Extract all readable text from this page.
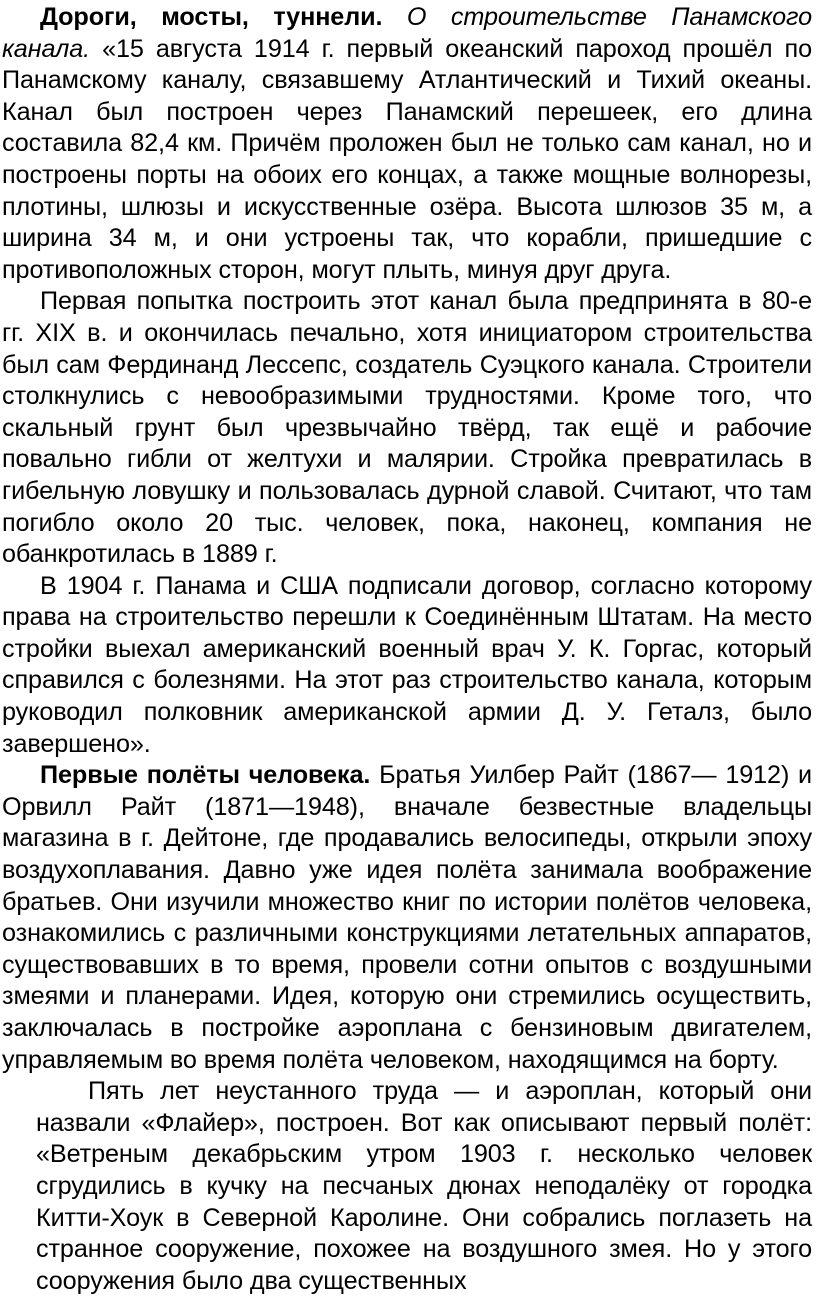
Дороги, мосты, туннели. О строительстве Панамского канала. «15 августа 1914 г. первый океанский пароход прошёл по Панамскому каналу, связавшему Атлантический и Тихий океаны. Канал был построен через Панамский перешеек, его длина составила 82,4 км. Причём проложен был не только сам канал, но и построены порты на обоих его концах, а также мощные волнорезы, плотины, шлюзы и искусственные озёра. Высота шлюзов 35 м, а ширина 34 м, и они устроены так, что корабли, пришедшие с противоположных сторон, могут плыть, минуя друг друга.

Первая попытка построить этот канал была предпринята в 80-е гг. XIX в. и окончилась печально, хотя инициатором строительства был сам Фердинанд Лессепс, создатель Суэцкого канала. Строители столкнулись с невообразимыми трудностями. Кроме того, что скальный грунт был чрезвычайно твёрд, так ещё и рабочие повально гибли от желтухи и малярии. Стройка превратилась в гибельную ловушку и пользовалась дурной славой. Считают, что там погибло около 20 тыс. человек, пока, наконец, компания не обанкротилась в 1889 г.

В 1904 г. Панама и США подписали договор, согласно которому права на строительство перешли к Соединённым Штатам. На место стройки выехал американский военный врач У. К. Горгас, который справился с болезнями. На этот раз строительство канала, которым руководил полковник американской армии Д. У. Геталз, было завершено».

Первые полёты человека. Братья Уилбер Райт (1867— 1912) и Орвилл Райт (1871—1948), вначале безвестные владельцы магазина в г. Дейтоне, где продавались велосипеды, открыли эпоху воздухоплавания. Давно уже идея полёта занимала воображение братьев. Они изучили множество книг по истории полётов человека, ознакомились с различными конструкциями летательных аппаратов, существовавших в то время, провели сотни опытов с воздушными змеями и планерами. Идея, которую они стремились осуществить, заключалась в постройке аэроплана с бензиновым двигателем, управляемым во время полёта человеком, находящимся на борту.

Пять лет неустанного труда — и аэроплан, который они назвали «Флайер», построен. Вот как описывают первый полёт: «Ветреным декабрьским утром 1903 г. несколько человек сгрудились в кучку на песчаных дюнах неподалёку от городка Китти-Хоук в Северной Каролине. Они собрались поглазеть на странное сооружение, похожее на воздушного змея. Но у этого сооружения было два существенных
